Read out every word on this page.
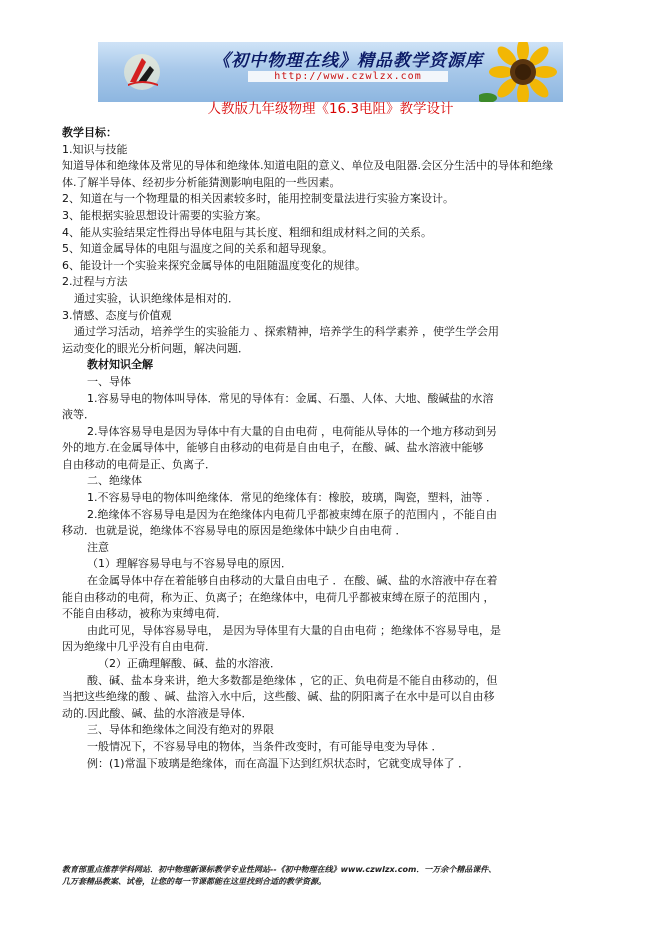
《初中物理在线》精品教学资源库
http://www.czwlzx.com
人教版九年级物理《16.3电阻》教学设计
教学目标：
1.知识与技能
知道导体和绝缘体及常见的导体和绝缘体.知道电阻的意义、单位及电阻器.会区分生活中的导体和绝缘
体.了解半导体、经初步分析能猜测影响电阻的一些因素。
2、知道在与一个物理量的相关因素较多时，能用控制变量法进行实验方案设计。
3、能根据实验思想设计需要的实验方案。
4、能从实验结果定性得出导体电阻与其长度、粗细和组成材料之间的关系。
5、知道金属导体的电阻与温度之间的关系和超导现象。
6、能设计一个实验来探究金属导体的电阻随温度变化的规律。
2.过程与方法
通过实验，认识绝缘体是相对的．
3.情感、态度与价值观
通过学习活动，培养学生的实验能力 、探索精神，培养学生的科学素养 ，使学生学会用
运动变化的眼光分析问题，解决问题．
教材知识全解
一、导体
1.容易导电的物体叫导体．常见的导体有：金属、石墨、人体、大地、酸碱盐的水溶
液等．
2.导体容易导电是因为导体中有大量的自由电荷 ，电荷能从导体的一个地方移动到另
外的地方.在金属导体中，能够自由移动的电荷是自由电子，在酸、碱、盐水溶液中能够
自由移动的电荷是正、负离子．
二、绝缘体
1.不容易导电的物体叫绝缘体．常见的绝缘体有：橡胶，玻璃，陶瓷，塑料，油等 ．
2.绝缘体不容易导电是因为在绝缘体内电荷几乎都被束缚在原子的范围内 ，不能自由
移动．也就是说，绝缘体不容易导电的原因是绝缘体中缺少自由电荷 ．
注意
（1）理解容易导电与不容易导电的原因．
在金属导体中存在着能够自由移动的大量自由电子 ．在酸、碱、盐的水溶液中存在着
能自由移动的电荷，称为正、负离子；在绝缘体中，电荷几乎都被束缚在原子的范围内 ，
不能自由移动，被称为束缚电荷．
由此可见，导体容易导电， 是因为导体里有大量的自由电荷 ；绝缘体不容易导电，是
因为绝缘中几乎没有自由电荷．
（2）正确理解酸、碱、盐的水溶液．
酸、碱、盐本身来讲，绝大多数都是绝缘体 ，它的正、负电荷是不能自由移动的，但
当把这些绝缘的酸 、碱、盐溶入水中后，这些酸、碱、盐的阴阳离子在水中是可以自由移
动的.因此酸、碱、盐的水溶液是导体．
三、导体和绝缘体之间没有绝对的界限
一般情况下，不容易导电的物体，当条件改变时，有可能导电变为导体 ．
例：(1)常温下玻璃是绝缘体，而在高温下达到红炽状态时，它就变成导体了 ．
教育部重点推荐学科网站．初中物理新课标教学专业性网站--《初中物理在线》www.czwlzx.com．一万余个精品课件、
几万套精品教案、试卷，让您的每一节课都能在这里找到合适的教学资源。
